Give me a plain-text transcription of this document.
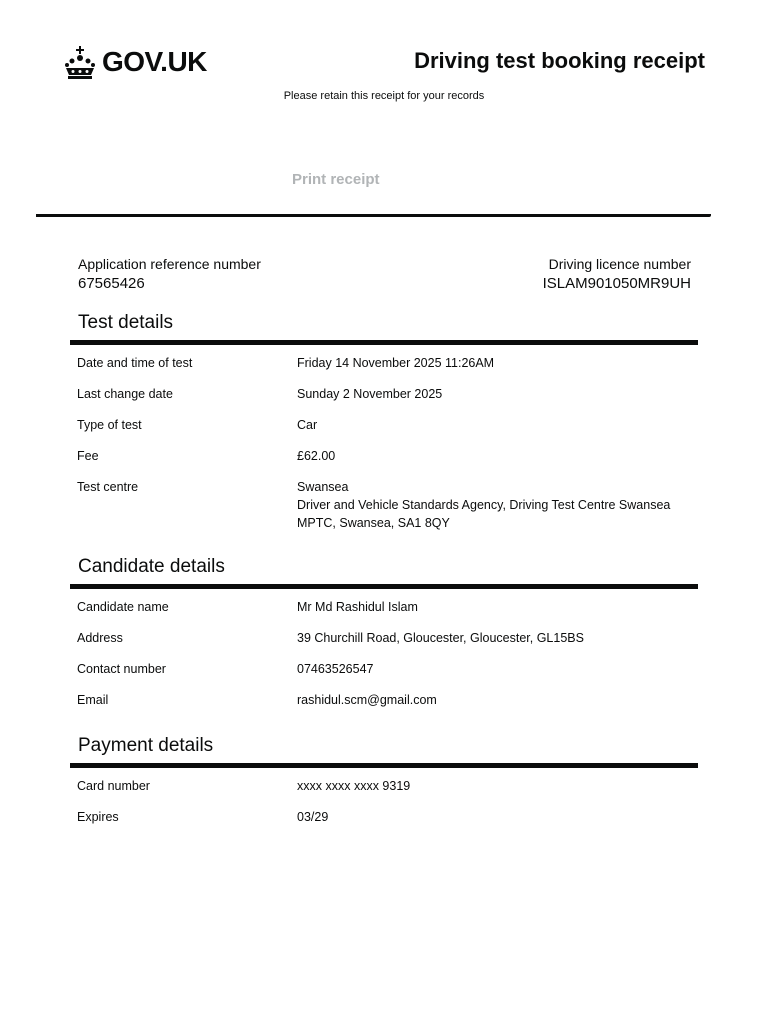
GOV.UK	Driving test booking receipt
Please retain this receipt for your records
Print receipt
Application reference number
67565426
Driving licence number
ISLAM901050MR9UH
Test details
Date and time of test	Friday 14 November 2025 11:26AM
Last change date	Sunday 2 November 2025
Type of test	Car
Fee	£62.00
Test centre	Swansea
Driver and Vehicle Standards Agency, Driving Test Centre Swansea
MPTC, Swansea, SA1 8QY
Candidate details
Candidate name	Mr Md Rashidul Islam
Address	39 Churchill Road, Gloucester, Gloucester, GL15BS
Contact number	07463526547
Email	rashidul.scm@gmail.com
Payment details
Card number	xxxx xxxx xxxx 9319
Expires	03/29
